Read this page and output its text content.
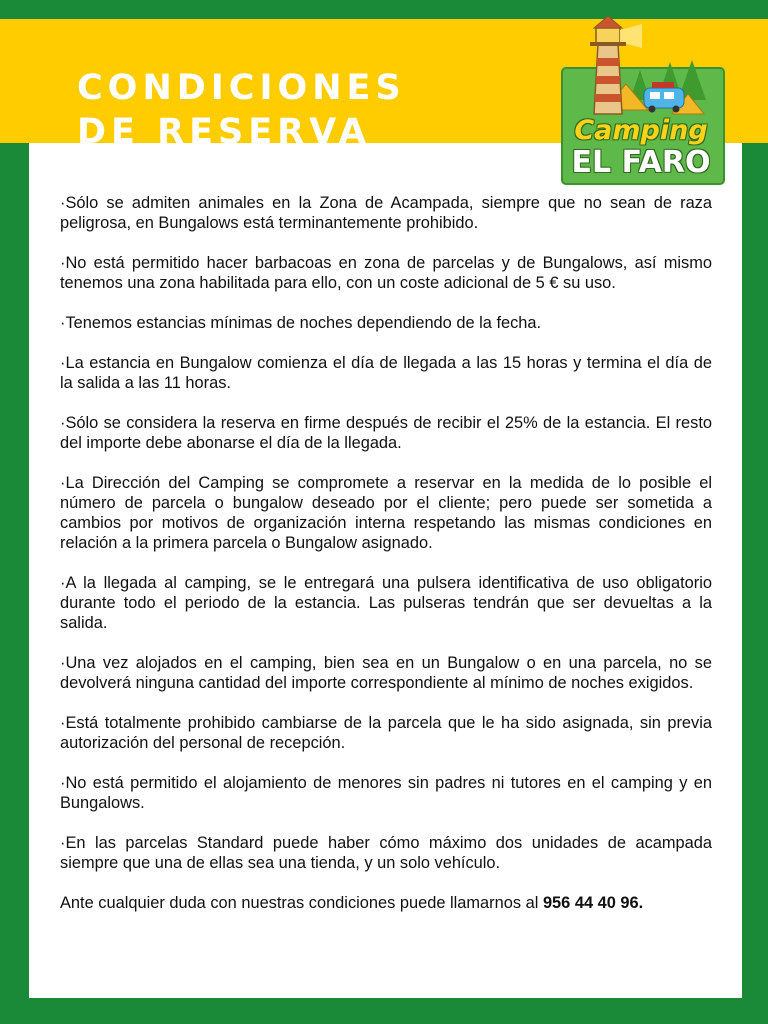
CONDICIONES
DE RESERVA	Camping
EL FARO

·Sólo se admiten animales en la Zona de Acampada, siempre que no sean de raza peligrosa, en Bungalows está terminantemente prohibido.

·No está permitido hacer barbacoas en zona de parcelas y de Bungalows, así mismo tenemos una zona habilitada para ello, con un coste adicional de 5 € su uso.

·Tenemos estancias mínimas de noches dependiendo de la fecha.

·La estancia en Bungalow comienza el día de llegada a las 15 horas y termina el día de la salida a las 11 horas.

·Sólo se considera la reserva en firme después de recibir el 25% de la estancia. El resto del importe debe abonarse el día de la llegada.

·La Dirección del Camping se compromete a reservar en la medida de lo posible el número de parcela o bungalow deseado por el cliente; pero puede ser sometida a cambios por motivos de organización interna respetando las mismas condiciones en relación a la primera parcela o Bungalow asignado.

·A la llegada al camping, se le entregará una pulsera identificativa de uso obligatorio durante todo el periodo de la estancia. Las pulseras tendrán que ser devueltas a la salida.

·Una vez alojados en el camping, bien sea en un Bungalow o en una parcela, no se devolverá ninguna cantidad del importe correspondiente al mínimo de noches exigidos.

·Está totalmente prohibido cambiarse de la parcela que le ha sido asignada, sin previa autorización del personal de recepción.

·No está permitido el alojamiento de menores sin padres ni tutores en el camping y en Bungalows.

·En las parcelas Standard puede haber cómo máximo dos unidades de acampada siempre que una de ellas sea una tienda, y un solo vehículo.

Ante cualquier duda con nuestras condiciones puede llamarnos al 956 44 40 96.
